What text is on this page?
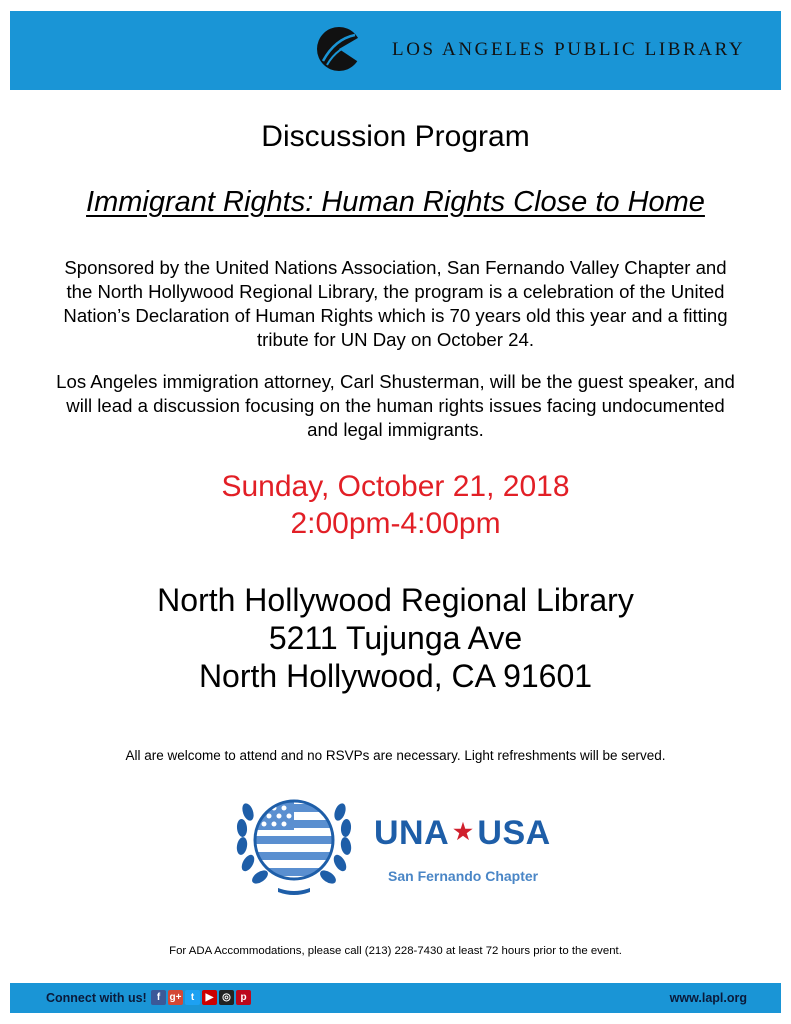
LOS ANGELES PUBLIC LIBRARY
Discussion Program
Immigrant Rights: Human Rights Close to Home

Sponsored by the United Nations Association, San Fernando Valley Chapter and the North Hollywood Regional Library, the program is a celebration of the United Nation’s Declaration of Human Rights which is 70 years old this year and a fitting tribute for UN Day on October 24.

Los Angeles immigration attorney, Carl Shusterman, will be the guest speaker, and will lead a discussion focusing on the human rights issues facing undocumented and legal immigrants.

Sunday, October 21, 2018
2:00pm-4:00pm
North Hollywood Regional Library
5211 Tujunga Ave
North Hollywood, CA 91601
All are welcome to attend and no RSVPs are necessary. Light refreshments will be served.
UNA ★ USA
San Fernando Chapter
For ADA Accommodations, please call (213) 228-7430 at least 72 hours prior to the event.
Connect with us!	f g+ t	▶ ◎ p	www.lapl.org
